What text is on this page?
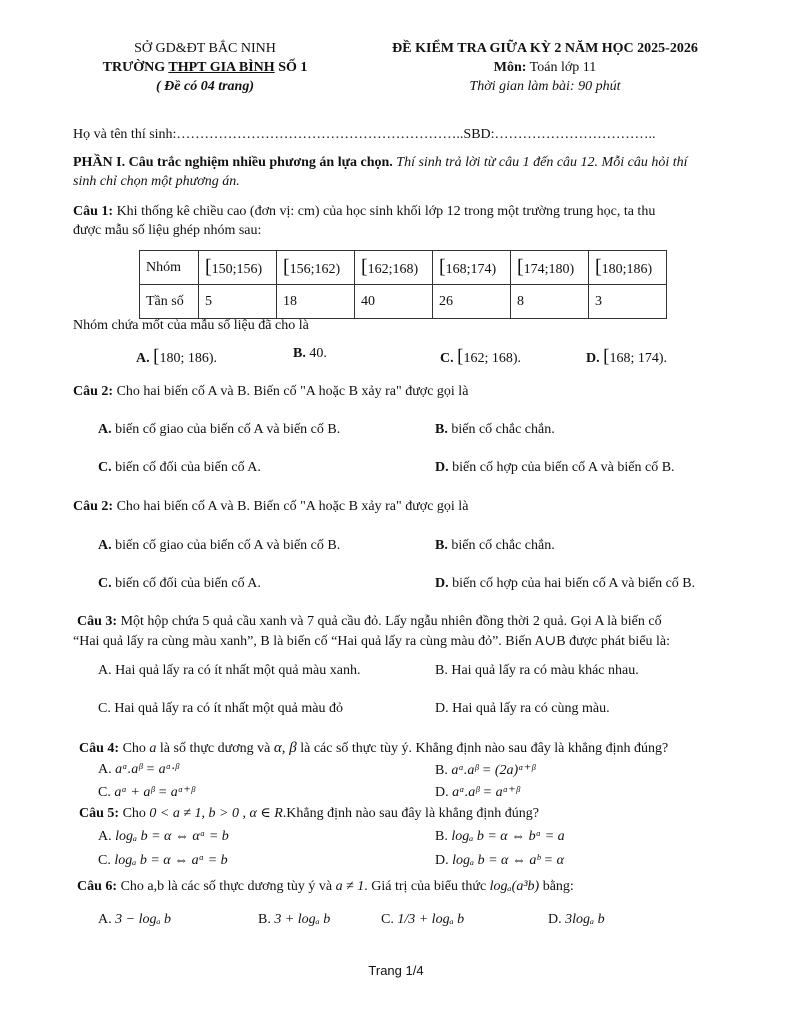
SỞ GD&ĐT BẮC NINH
TRƯỜNG THPT GIA BÌNH SỐ 1
( Đề có 04 trang)
ĐỀ KIỂM TRA GIỮA KỲ 2 NĂM HỌC 2025-2026
Môn: Toán lớp 11
Thời gian làm bài: 90 phút
Họ và tên thí sinh:……………………………………………………..SBD:……………………………..
PHẦN I. Câu trắc nghiệm nhiều phương án lựa chọn. Thí sinh trả lời từ câu 1 đến câu 12. Mỗi câu hỏi thí
sinh chỉ chọn một phương án.
Câu 1: Khi thống kê chiều cao (đơn vị: cm) của học sinh khối lớp 12 trong một trường trung học, ta thu
được mẫu số liệu ghép nhóm sau:
Nhóm	[150;156)	[156;162)	[162;168)	[168;174)	[174;180)	[180;186)
Tần số	5	18	40	26	8	3
Nhóm chứa mốt của mẫu số liệu đã cho là
A. [180; 186).	B. 40.	C. [162; 168).	D. [168; 174).
Câu 2: Cho hai biến cố A và B. Biến cố "A hoặc B xảy ra" được gọi là
A. biến cố giao của biến cố A và biến cố B.	B. biến cố chắc chắn.
C. biến cố đối của biến cố A.	D. biến cố hợp của biến cố A và biến cố B.
Câu 2: Cho hai biến cố A và B. Biến cố "A hoặc B xảy ra" được gọi là
A. biến cố giao của biến cố A và biến cố B.	B. biến cố chắc chắn.
C. biến cố đối của biến cố A.	D. biến cố hợp của hai biến cố A và biến cố B.
Câu 3: Một hộp chứa 5 quả cầu xanh và 7 quả cầu đỏ. Lấy ngẫu nhiên đồng thời 2 quả. Gọi A là biến cố
“Hai quả lấy ra cùng màu xanh”, B là biến cố “Hai quả lấy ra cùng màu đỏ”. Biến A∪B được phát biểu là:
A. Hai quả lấy ra có ít nhất một quả màu xanh.	B. Hai quả lấy ra có màu khác nhau.
C. Hai quả lấy ra có ít nhất một quả màu đỏ	D. Hai quả lấy ra có cùng màu.
Câu 4: Cho a là số thực dương và α, β là các số thực tùy ý. Khẳng định nào sau đây là khẳng định đúng?
A. aᵅ.aᵝ = aᵅ·ᵝ	B. aᵅ.aᵝ = (2a)ᵅ⁺ᵝ
C. aᵅ + aᵝ = aᵅ⁺ᵝ	D. aᵅ.aᵝ = aᵅ⁺ᵝ
Câu 5: Cho 0 < a ≠ 1, b > 0 , α ∈ R.Khẳng định nào sau đây là khẳng định đúng?
A. logₐ b = α ⇔ αᵃ = b	B. logₐ b = α ⇔ bᵅ = a
C. logₐ b = α ⇔ aᵅ = b	D. logₐ b = α ⇔ aᵇ = α
Câu 6: Cho a,b là các số thực dương tùy ý và a ≠ 1. Giá trị của biểu thức logₐ(a³b) bằng:
A. 3 − logₐ b	B. 3 + logₐ b	C. 1/3 + logₐ b	D. 3logₐ b
Trang 1/4
